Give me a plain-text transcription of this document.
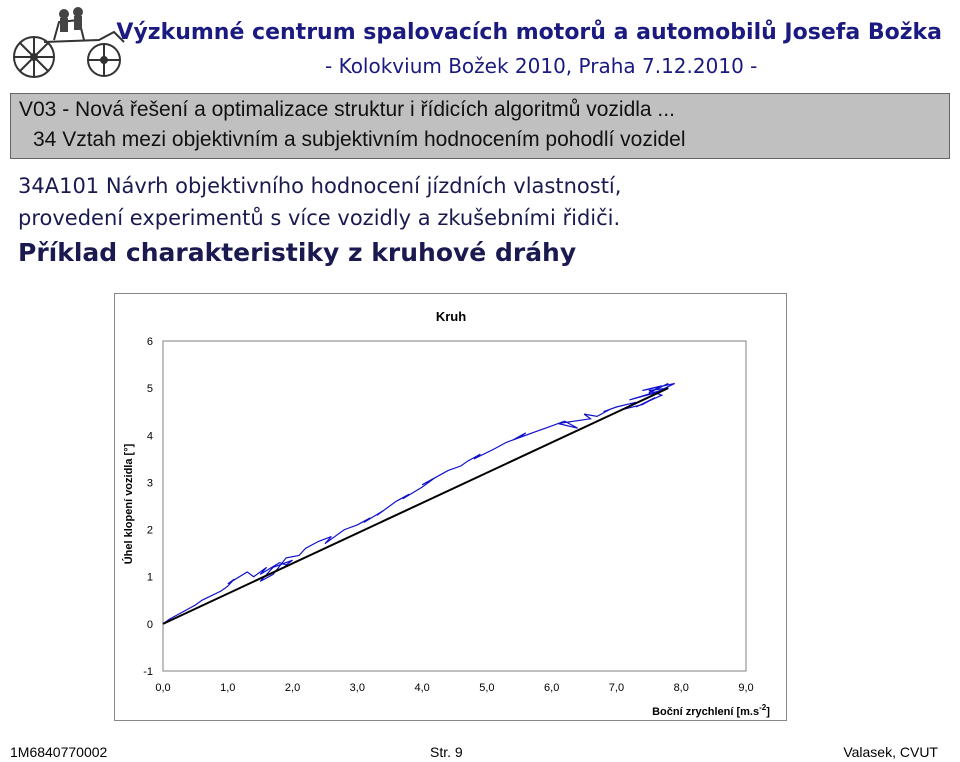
Výzkumné centrum spalovacích motorů a automobilů Josefa Božka
- Kolokvium Božek 2010, Praha 7.12.2010 -
V03 - Nová řešení a optimalizace struktur i řídicích algoritmů vozidla ...
34 Vztah mezi objektivním a subjektivním hodnocením pohodlí vozidel
34A101 Návrh objektivního hodnocení jízdních vlastností,
provedení experimentů s více vozidly a zkušebními řidiči.
Příklad charakteristiky z kruhové dráhy
Kruh
Úhel klopení vozidla [°]
Boční zrychlení $[m.s^{-2}]$
-1
0
1
2
3
4
5
6
0,0	1,0	2,0	3,0	4,0	5,0	6,0	7,0	8,0	9,0
1M6840770002	Str. 9	Valasek, CVUT
